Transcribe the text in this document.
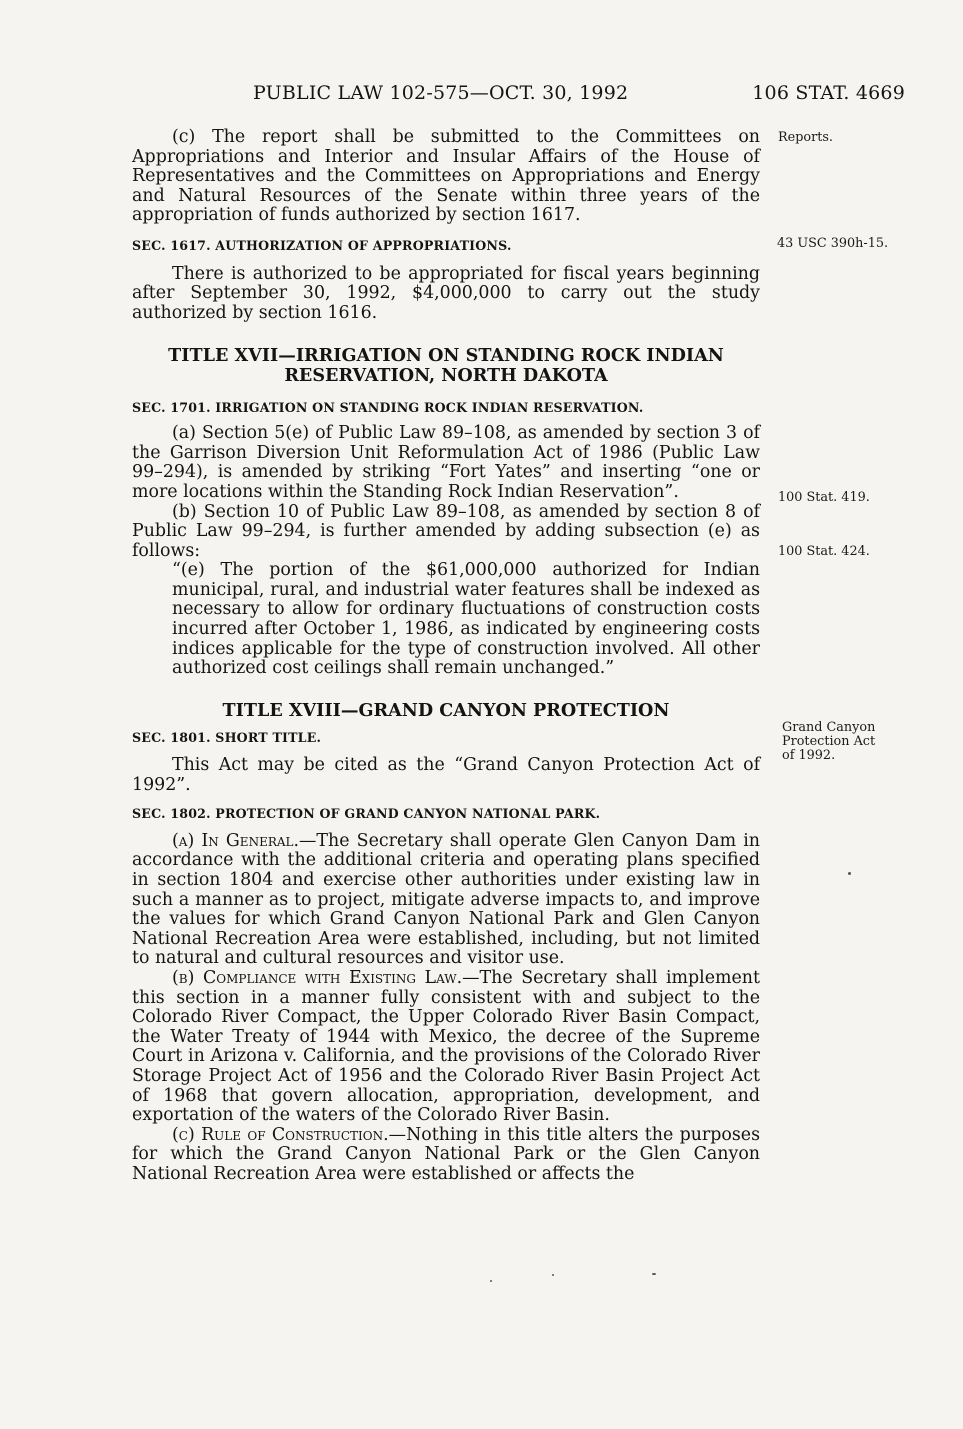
PUBLIC LAW 102-575—OCT. 30, 1992	106 STAT. 4669

(c) The report shall be submitted to the Committees on Appropriations and Interior and Insular Affairs of the House of Representatives and the Committees on Appropriations and Energy and Natural Resources of the Senate within three years of the appropriation of funds authorized by section 1617.

SEC. 1617. AUTHORIZATION OF APPROPRIATIONS.

There is authorized to be appropriated for fiscal years beginning after September 30, 1992, $4,000,000 to carry out the study authorized by section 1616.

TITLE XVII—IRRIGATION ON STANDING ROCK INDIAN

RESERVATION, NORTH DAKOTA

SEC. 1701. IRRIGATION ON STANDING ROCK INDIAN RESERVATION.

(a) Section 5(e) of Public Law 89–108, as amended by section 3 of the Garrison Diversion Unit Reformulation Act of 1986 (Public Law 99–294), is amended by striking “Fort Yates” and inserting “one or more locations within the Standing Rock Indian Reservation”.

(b) Section 10 of Public Law 89–108, as amended by section 8 of Public Law 99–294, is further amended by adding subsection (e) as follows:

“(e) The portion of the $61,000,000 authorized for Indian municipal, rural, and industrial water features shall be indexed as necessary to allow for ordinary fluctuations of construction costs incurred after October 1, 1986, as indicated by engineering costs indices applicable for the type of construction involved. All other authorized cost ceilings shall remain unchanged.”

TITLE XVIII—GRAND CANYON PROTECTION

SEC. 1801. SHORT TITLE.

This Act may be cited as the “Grand Canyon Protection Act of 1992”.

SEC. 1802. PROTECTION OF GRAND CANYON NATIONAL PARK.

(a) In General.—The Secretary shall operate Glen Canyon Dam in accordance with the additional criteria and operating plans specified in section 1804 and exercise other authorities under existing law in such a manner as to project, mitigate adverse impacts to, and improve the values for which Grand Canyon National Park and Glen Canyon National Recreation Area were established, including, but not limited to natural and cultural resources and visitor use.

(b) Compliance with Existing Law.—The Secretary shall implement this section in a manner fully consistent with and subject to the Colorado River Compact, the Upper Colorado River Basin Compact, the Water Treaty of 1944 with Mexico, the decree of the Supreme Court in Arizona v. California, and the provisions of the Colorado River Storage Project Act of 1956 and the Colorado River Basin Project Act of 1968 that govern allocation, appropriation, development, and exportation of the waters of the Colorado River Basin.

(c) Rule of Construction.—Nothing in this title alters the purposes for which the Grand Canyon National Park or the Glen Canyon National Recreation Area were established or affects the

Reports.
43 USC 390h-15.
100 Stat. 419.
100 Stat. 424.
Grand Canyon
Protection Act
of 1992.
